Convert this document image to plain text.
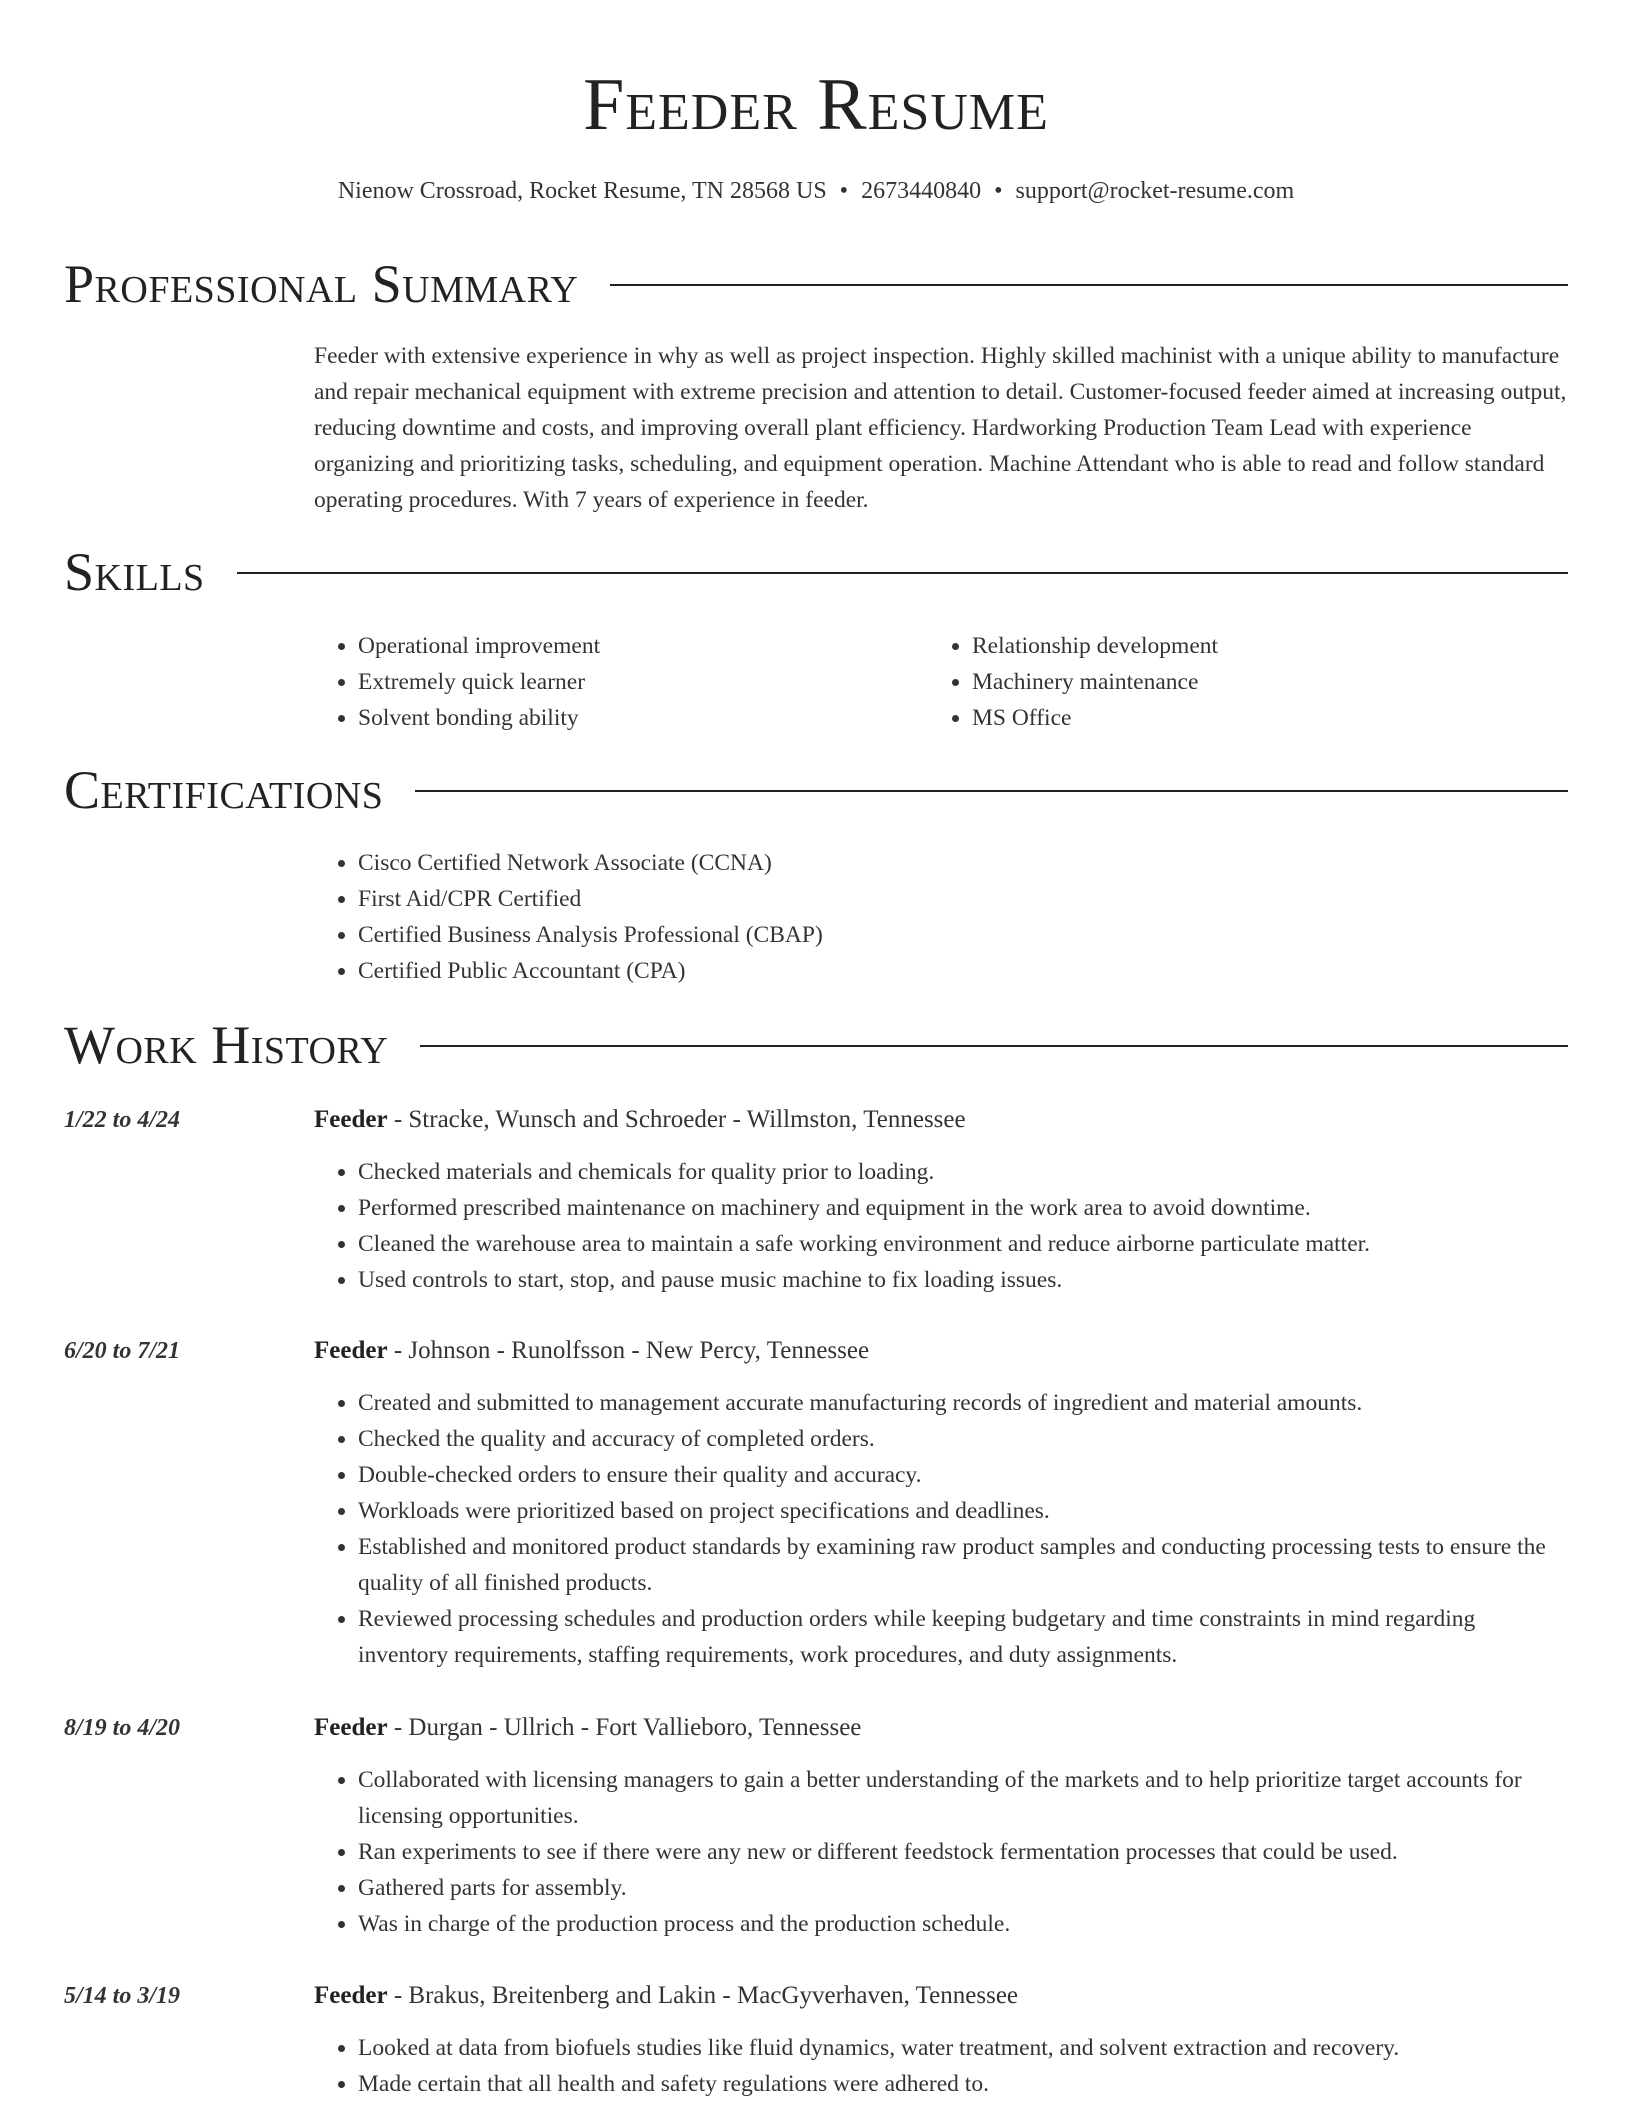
Feeder Resume
Nienow Crossroad, Rocket Resume, TN 28568 US • 2673440840 • support@rocket-resume.com
Professional Summary

Feeder with extensive experience in why as well as project inspection. Highly skilled machinist with a unique ability to manufacture and repair mechanical equipment with extreme precision and attention to detail. Customer-focused feeder aimed at increasing output, reducing downtime and costs, and improving overall plant efficiency. Hardworking Production Team Lead with experience organizing and prioritizing tasks, scheduling, and equipment operation. Machine Attendant who is able to read and follow standard operating procedures. With 7 years of experience in feeder.

Skills
• Operational improvement
• Extremely quick learner
• Solvent bonding ability
• Relationship development
• Machinery maintenance
• MS Office
Certifications
• Cisco Certified Network Associate (CCNA)
• First Aid/CPR Certified
• Certified Business Analysis Professional (CBAP)
• Certified Public Accountant (CPA)
Work History
1/22 to 4/24	Feeder - Stracke, Wunsch and Schroeder - Willmston, Tennessee
• Checked materials and chemicals for quality prior to loading.
• Performed prescribed maintenance on machinery and equipment in the work area to avoid downtime.
• Cleaned the warehouse area to maintain a safe working environment and reduce airborne particulate matter.
• Used controls to start, stop, and pause music machine to fix loading issues.
6/20 to 7/21	Feeder - Johnson - Runolfsson - New Percy, Tennessee
• Created and submitted to management accurate manufacturing records of ingredient and material amounts.
• Checked the quality and accuracy of completed orders.
• Double-checked orders to ensure their quality and accuracy.
• Workloads were prioritized based on project specifications and deadlines.
• Established and monitored product standards by examining raw product samples and conducting processing tests to ensure the quality of all finished products.
• Reviewed processing schedules and production orders while keeping budgetary and time constraints in mind regarding inventory requirements, staffing requirements, work procedures, and duty assignments.
8/19 to 4/20	Feeder - Durgan - Ullrich - Fort Vallieboro, Tennessee
• Collaborated with licensing managers to gain a better understanding of the markets and to help prioritize target accounts for licensing opportunities.
• Ran experiments to see if there were any new or different feedstock fermentation processes that could be used.
• Gathered parts for assembly.
• Was in charge of the production process and the production schedule.
5/14 to 3/19	Feeder - Brakus, Breitenberg and Lakin - MacGyverhaven, Tennessee
• Looked at data from biofuels studies like fluid dynamics, water treatment, and solvent extraction and recovery.
• Made certain that all health and safety regulations were adhered to.
